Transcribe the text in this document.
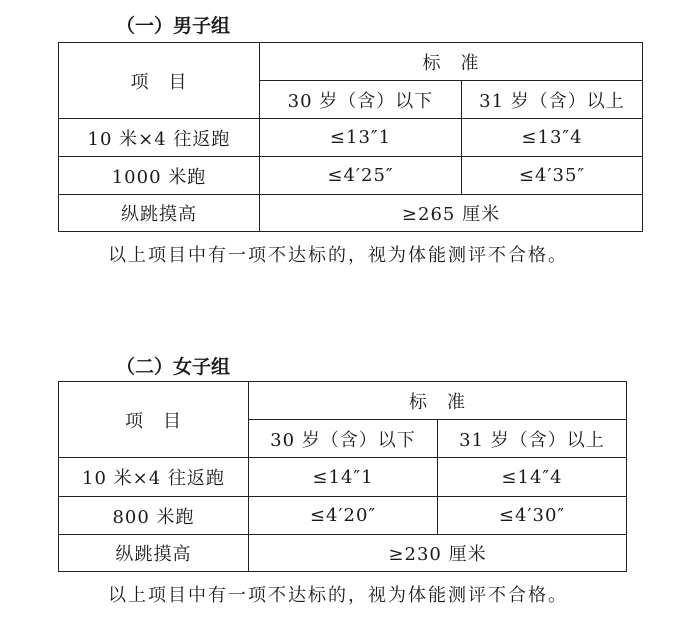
（一）男子组
项　目	标　准	
	30 岁（含）以下	31 岁（含）以上
10 米×4 往返跑	≤13″1	≤13″4
1000 米跑	≤4′25″	≤4′35″
纵跳摸高	≥265 厘米	
以上项目中有一项不达标的，视为体能测评不合格。
（二）女子组
项　目	标　准	
	30 岁（含）以下	31 岁（含）以上
10 米×4 往返跑	≤14″1	≤14″4
800 米跑	≤4′20″	≤4′30″
纵跳摸高	≥230 厘米	
以上项目中有一项不达标的，视为体能测评不合格。
